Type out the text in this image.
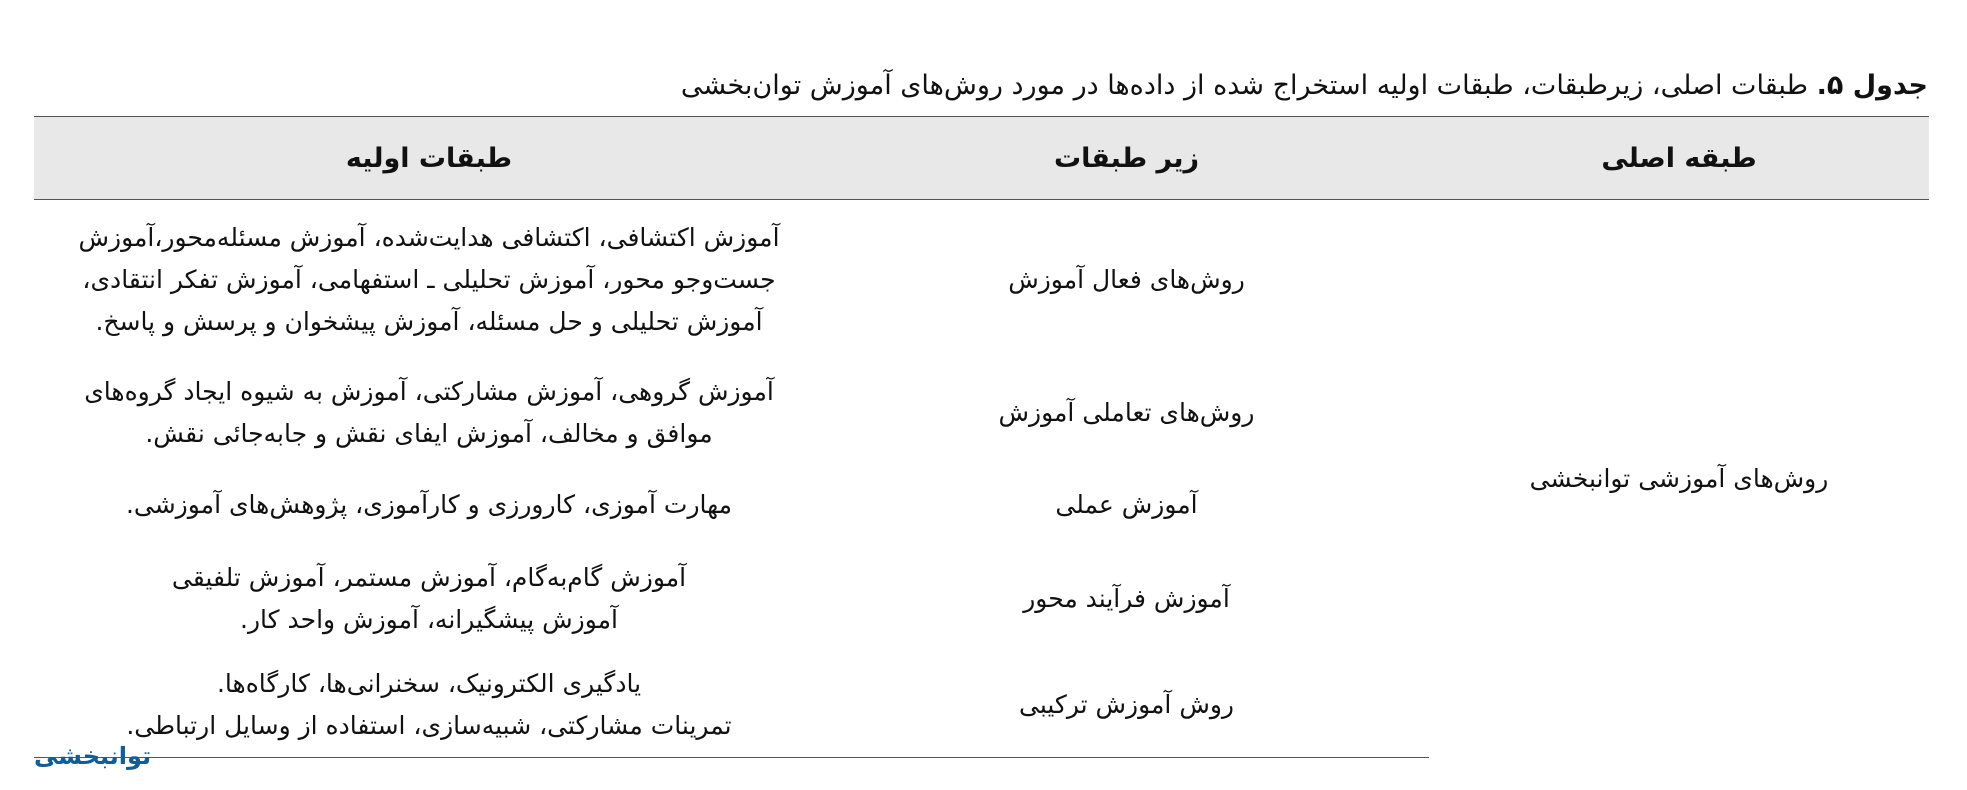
جدول ۵. طبقات اصلی، زیرطبقات، طبقات اولیه استخراج شده از داده‌ها در مورد روش‌های آموزش توان‌بخشی
طبقه اصلی	زیر طبقات	طبقات اولیه
روش‌های آموزشی توانبخشی	روش‌های فعال آموزش	آموزش اکتشافی، اکتشافی هدایت‌شده، آموزش مسئله‌محور،آموزش جست‌وجو محور، آموزش تحلیلی ـ استفهامی، آموزش تفکر انتقادی، آموزش تحلیلی و حل مسئله، آموزش پیشخوان و پرسش و پاسخ.
	روش‌های تعاملی آموزش	آموزش گروهی، آموزش مشارکتی، آموزش به شیوه ایجاد گروه‌های موافق و مخالف، آموزش ایفای نقش و جابه‌جائی نقش.
	آموزش عملی	مهارت آموزی، کارورزی و کارآموزی، پژوهش‌های آموزشی.
	آموزش فرآیند محور	آموزش گام‌به‌گام، آموزش مستمر، آموزش تلفیقی
آموزش پیشگیرانه، آموزش واحد کار.

	روش آموزش ترکیبی	یادگیری الکترونیک، سخنرانی‌ها، کارگاه‌ها.
تمرینات مشارکتی، شبیه‌سازی، استفاده از وسایل ارتباطی.
توانبخشی
